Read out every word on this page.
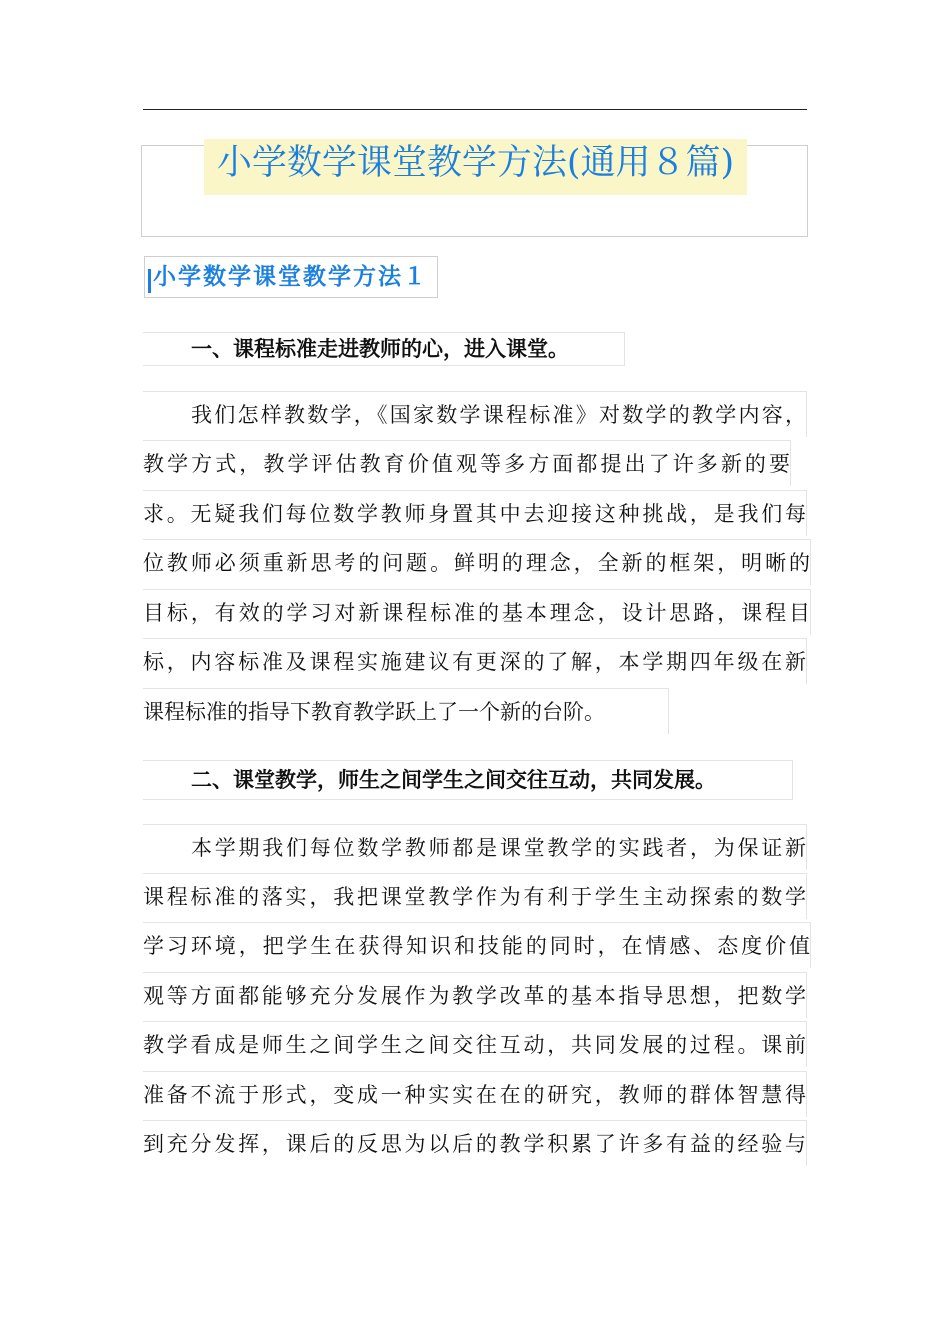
小学数学课堂教学方法(通用８篇)
小学数学课堂教学方法１
一、课程标准走进教师的心，进入课堂。
我们怎样教数学，《国家数学课程标准》对数学的教学内容，
教学方式，教学评估教育价值观等多方面都提出了许多新的要
求。无疑我们每位数学教师身置其中去迎接这种挑战，是我们每
位教师必须重新思考的问题。鲜明的理念，全新的框架，明晰的
目标，有效的学习对新课程标准的基本理念，设计思路，课程目
标，内容标准及课程实施建议有更深的了解，本学期四年级在新
课程标准的指导下教育教学跃上了一个新的台阶。
二、课堂教学，师生之间学生之间交往互动，共同发展。
本学期我们每位数学教师都是课堂教学的实践者，为保证新
课程标准的落实，我把课堂教学作为有利于学生主动探索的数学
学习环境，把学生在获得知识和技能的同时，在情感、态度价值
观等方面都能够充分发展作为教学改革的基本指导思想，把数学
教学看成是师生之间学生之间交往互动，共同发展的过程。课前
准备不流于形式，变成一种实实在在的研究，教师的群体智慧得
到充分发挥，课后的反思为以后的教学积累了许多有益的经验与
